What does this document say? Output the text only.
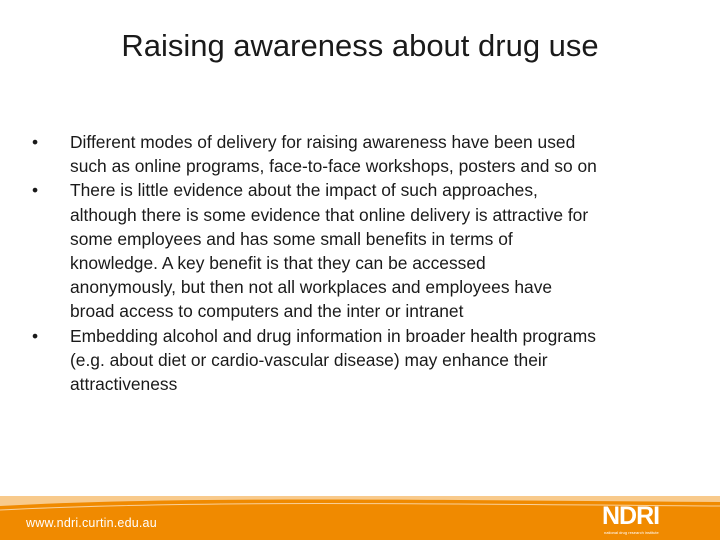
Raising awareness about drug use
• Different modes of delivery for raising awareness have been used
such as online programs, face-to-face workshops, posters and so on
• There is little evidence about the impact of such approaches,
although there is some evidence that online delivery is attractive for
some employees and has some small benefits in terms of
knowledge. A key benefit is that they can be accessed
anonymously, but then not all workplaces and employees have
broad access to computers and the inter or intranet
• Embedding alcohol and drug information in broader health programs
(e.g. about diet or cardio-vascular disease) may enhance their
attractiveness
www.ndri.curtin.edu.au	NDRI
national drug research institute
